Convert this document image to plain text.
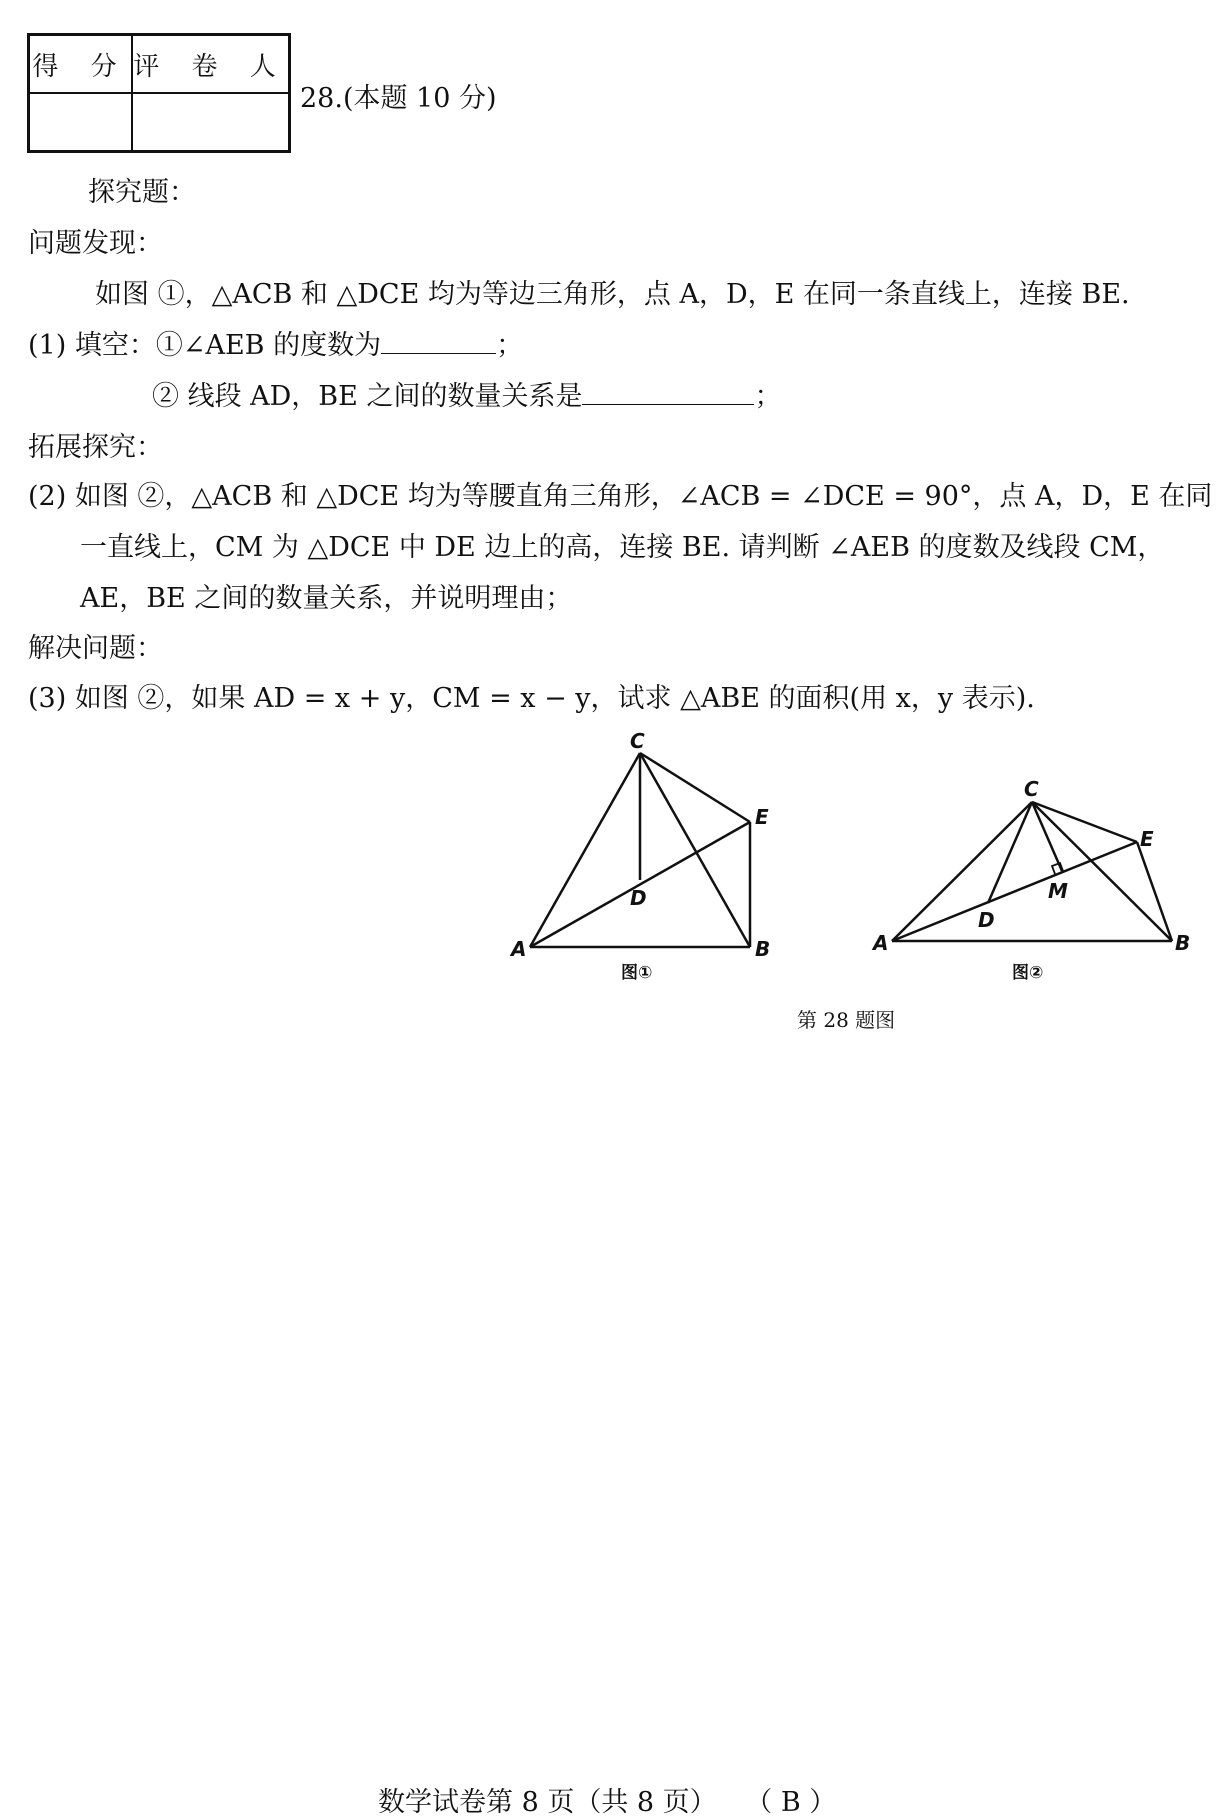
得 分	评 卷 人

28.(本题 10 分)
探究题：
问题发现：
如图 ①，△ACB 和 △DCE 均为等边三角形，点 A，D，E 在同一条直线上，连接 BE.
(1) 填空：①∠AEB 的度数为	；
② 线段 AD，BE 之间的数量关系是	；
拓展探究：
(2) 如图 ②，△ACB 和 △DCE 均为等腰直角三角形，∠ACB = ∠DCE = 90°，点 A，D，E 在同
一直线上，CM 为 △DCE 中 DE 边上的高，连接 BE. 请判断 ∠AEB 的度数及线段 CM，
AE，BE 之间的数量关系，并说明理由；
解决问题：
(3) 如图 ②，如果 AD = x + y，CM = x − y，试求 △ABE 的面积(用 x，y 表示).
C
E
D
A	B
图①
C
E
M
D
A	B
图②
第 28 题图
数学试卷第 8 页（共 8 页） （ B ）
